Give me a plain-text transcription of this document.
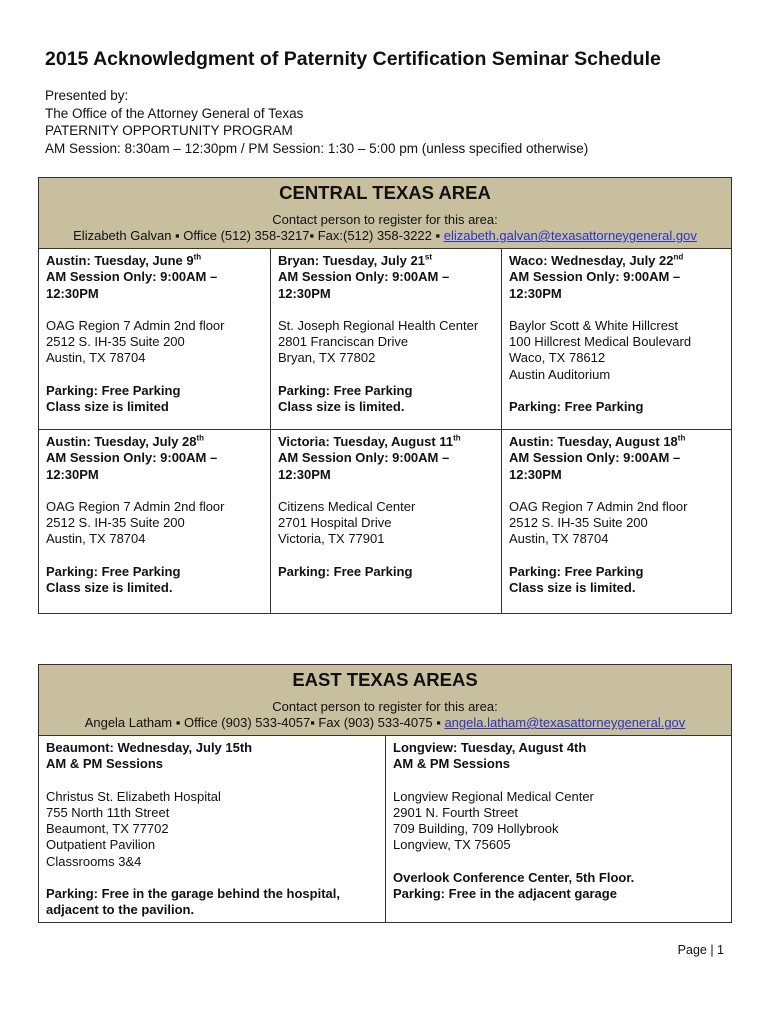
2015 Acknowledgment of Paternity Certification Seminar Schedule
Presented by:
The Office of the Attorney General of Texas
PATERNITY OPPORTUNITY PROGRAM
AM Session: 8:30am – 12:30pm / PM Session: 1:30 – 5:00 pm (unless specified otherwise)
CENTRAL TEXAS AREA
Contact person to register for this area:
Elizabeth Galvan ▪ Office (512) 358-3217▪ Fax:(512) 358-3222 ▪ elizabeth.galvan@texasattorneygeneral.gov
Austin: Tuesday, June 9th
AM Session Only: 9:00AM –
12:30PM
OAG Region 7 Admin 2nd floor
2512 S. IH-35 Suite 200
Austin, TX 78704
Parking: Free Parking
Class size is limited
Bryan: Tuesday, July 21st
AM Session Only: 9:00AM –
12:30PM
St. Joseph Regional Health Center
2801 Franciscan Drive
Bryan, TX 77802
Parking: Free Parking
Class size is limited.
Waco: Wednesday, July 22nd
AM Session Only: 9:00AM –
12:30PM
Baylor Scott & White Hillcrest
100 Hillcrest Medical Boulevard
Waco, TX 78612
Austin Auditorium
Parking: Free Parking
Austin: Tuesday, July 28th
AM Session Only: 9:00AM –
12:30PM
OAG Region 7 Admin 2nd floor
2512 S. IH-35 Suite 200
Austin, TX 78704
Parking: Free Parking
Class size is limited.
Victoria: Tuesday, August 11th
AM Session Only: 9:00AM –
12:30PM
Citizens Medical Center
2701 Hospital Drive
Victoria, TX 77901
Parking: Free Parking
Austin: Tuesday, August 18th
AM Session Only: 9:00AM –
12:30PM
OAG Region 7 Admin 2nd floor
2512 S. IH-35 Suite 200
Austin, TX 78704
Parking: Free Parking
Class size is limited.
EAST TEXAS AREAS
Contact person to register for this area:
Angela Latham ▪ Office (903) 533-4057▪ Fax (903) 533-4075 ▪ angela.latham@texasattorneygeneral.gov
Beaumont: Wednesday, July 15th
AM & PM Sessions
Christus St. Elizabeth Hospital
755 North 11th Street
Beaumont, TX 77702
Outpatient Pavilion
Classrooms 3&4
Parking: Free in the garage behind the hospital,
adjacent to the pavilion.
Longview: Tuesday, August 4th
AM & PM Sessions
Longview Regional Medical Center
2901 N. Fourth Street
709 Building, 709 Hollybrook
Longview, TX 75605
Overlook Conference Center, 5th Floor.
Parking: Free in the adjacent garage
Page | 1
